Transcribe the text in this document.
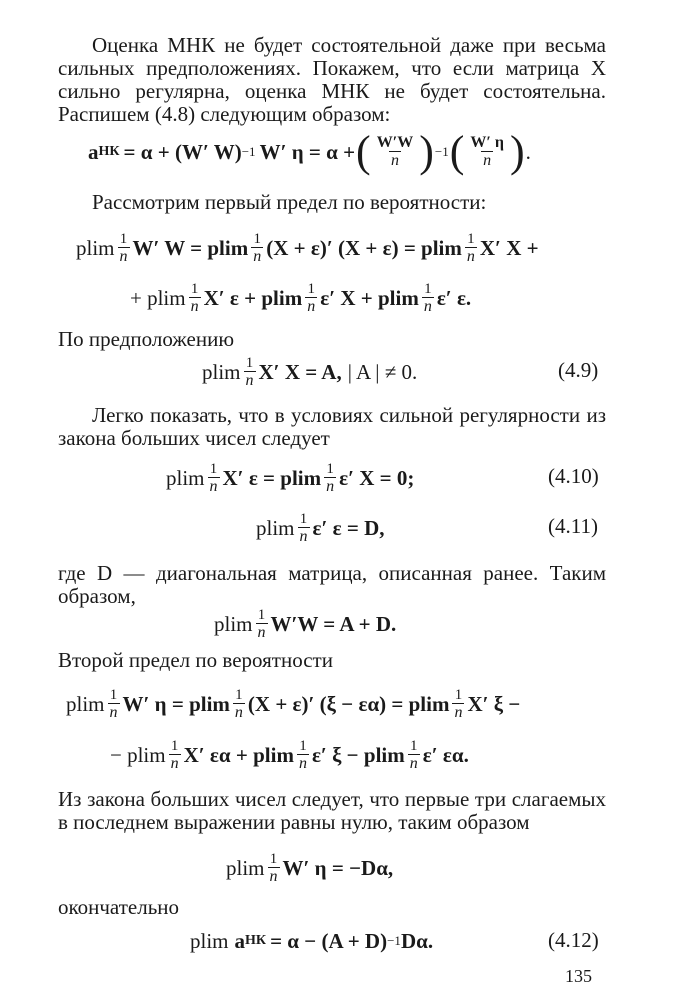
Оценка МНК не будет состоятельной даже при весьма сильных предположениях. Покажем, что если матрица X сильно регулярна, оценка МНК не будет состоятельна. Распишем (4.8) следующим образом:

a НК = α + (W′ W) −1 W′ η = α + ( $\frac{W'W}{n}$ ) −1 ( $\frac{W' \eta}{n}$ ) .

Рассмотрим первый предел по вероятности:

plim $\frac{1}{n} W'$ W = plim $\frac{1}{n} (X + \varepsilon)'$ (X + ε) = plim $\frac{1}{n} X'$ X +
+ plim $\frac{1}{n} X'$ ε + plim $\frac{1}{n} \varepsilon'$ X + plim $\frac{1}{n} \varepsilon'$ ε.

По предположению

plim $\frac{1}{n} X'$ X = A, | A | ≠ 0.	(4.9)

Легко показать, что в условиях сильной регулярности из закона больших чисел следует

plim $\frac{1}{n} X'$ ε = plim $\frac{1}{n} \varepsilon'$ X = 0;	(4.10)
plim $\frac{1}{n} \varepsilon'$ ε = D,	(4.11)

где D — диагональная матрица, описанная ранее. Таким образом,

plim $\frac{1}{n} W'W = A + D$.

Второй предел по вероятности

plim $\frac{1}{n} W'$ η = plim $\frac{1}{n} (X + \varepsilon)'$ (ξ − εα) = plim $\frac{1}{n} X'$ ξ −
− plim $\frac{1}{n} X'$ εα + plim $\frac{1}{n} \varepsilon'$ ξ − plim $\frac{1}{n} \varepsilon'$ εα.

Из закона больших чисел следует, что первые три слагаемых в последнем выражении равны нулю, таким образом

plim $\frac{1}{n} W'$ η = −Dα,

окончательно

plim a НК = α − (A + D) −1 Dα.	(4.12)
135
